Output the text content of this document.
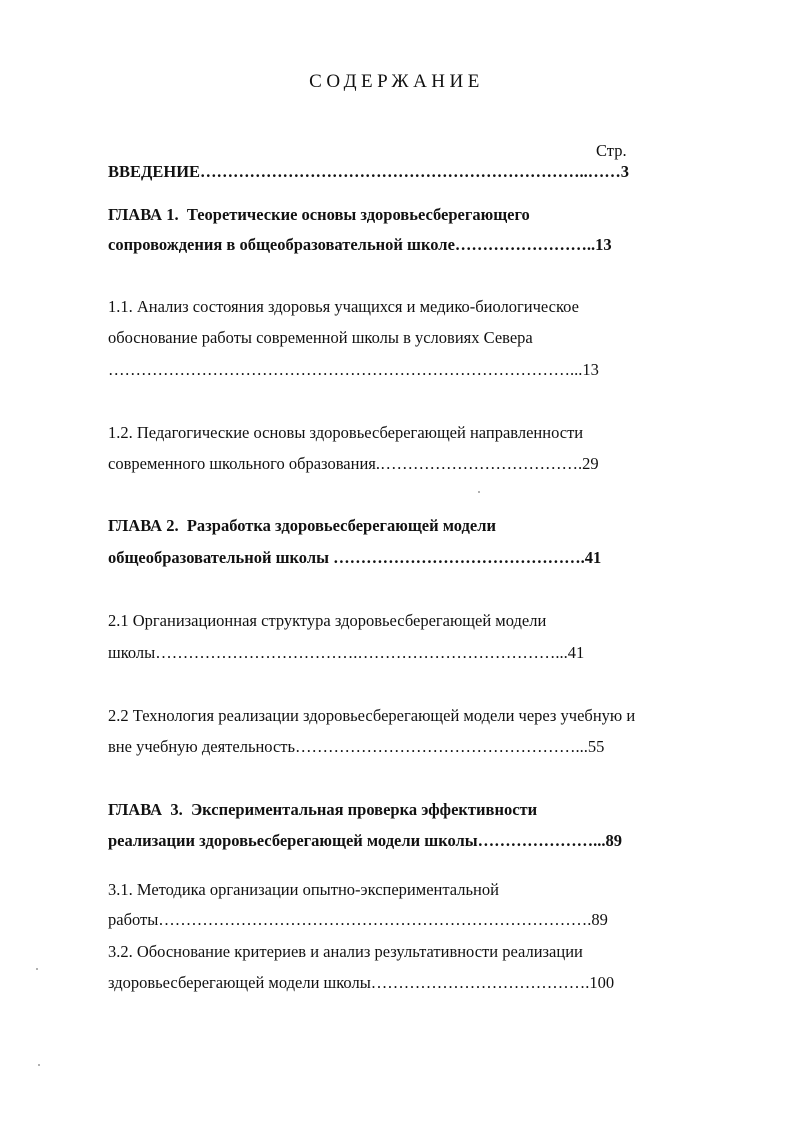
СОДЕРЖАНИЕ
Стр.
ВВЕДЕНИЕ……………………………………………………………..……3
ГЛАВА 1.  Теоретические основы здоровьесберегающего
сопровождения в общеобразовательной школе……………………..13
1.1. Анализ состояния здоровья учащихся и медико-биологическое
обоснование работы современной школы в условиях Севера
…………………………………………………………………………...13
1.2. Педагогические основы здоровьесберегающей направленности
современного школьного образования.……………………………….29
ГЛАВА 2.  Разработка здоровьесберегающей модели
общеобразовательной школы ……………………………………….41
2.1 Организационная структура здоровьесберегающей модели
школы……………………………….………………………………...41
2.2 Технология реализации здоровьесберегающей модели через учебную и
вне учебную деятельность……………………………………………...55
ГЛАВА  3.  Экспериментальная проверка эффективности
реализации здоровьесберегающей модели школы…………………...89
3.1. Методика организации опытно-экспериментальной
работы…………………………………………………………………….89
3.2. Обоснование критериев и анализ результативности реализации
здоровьесберегающей модели школы………………………………….100
